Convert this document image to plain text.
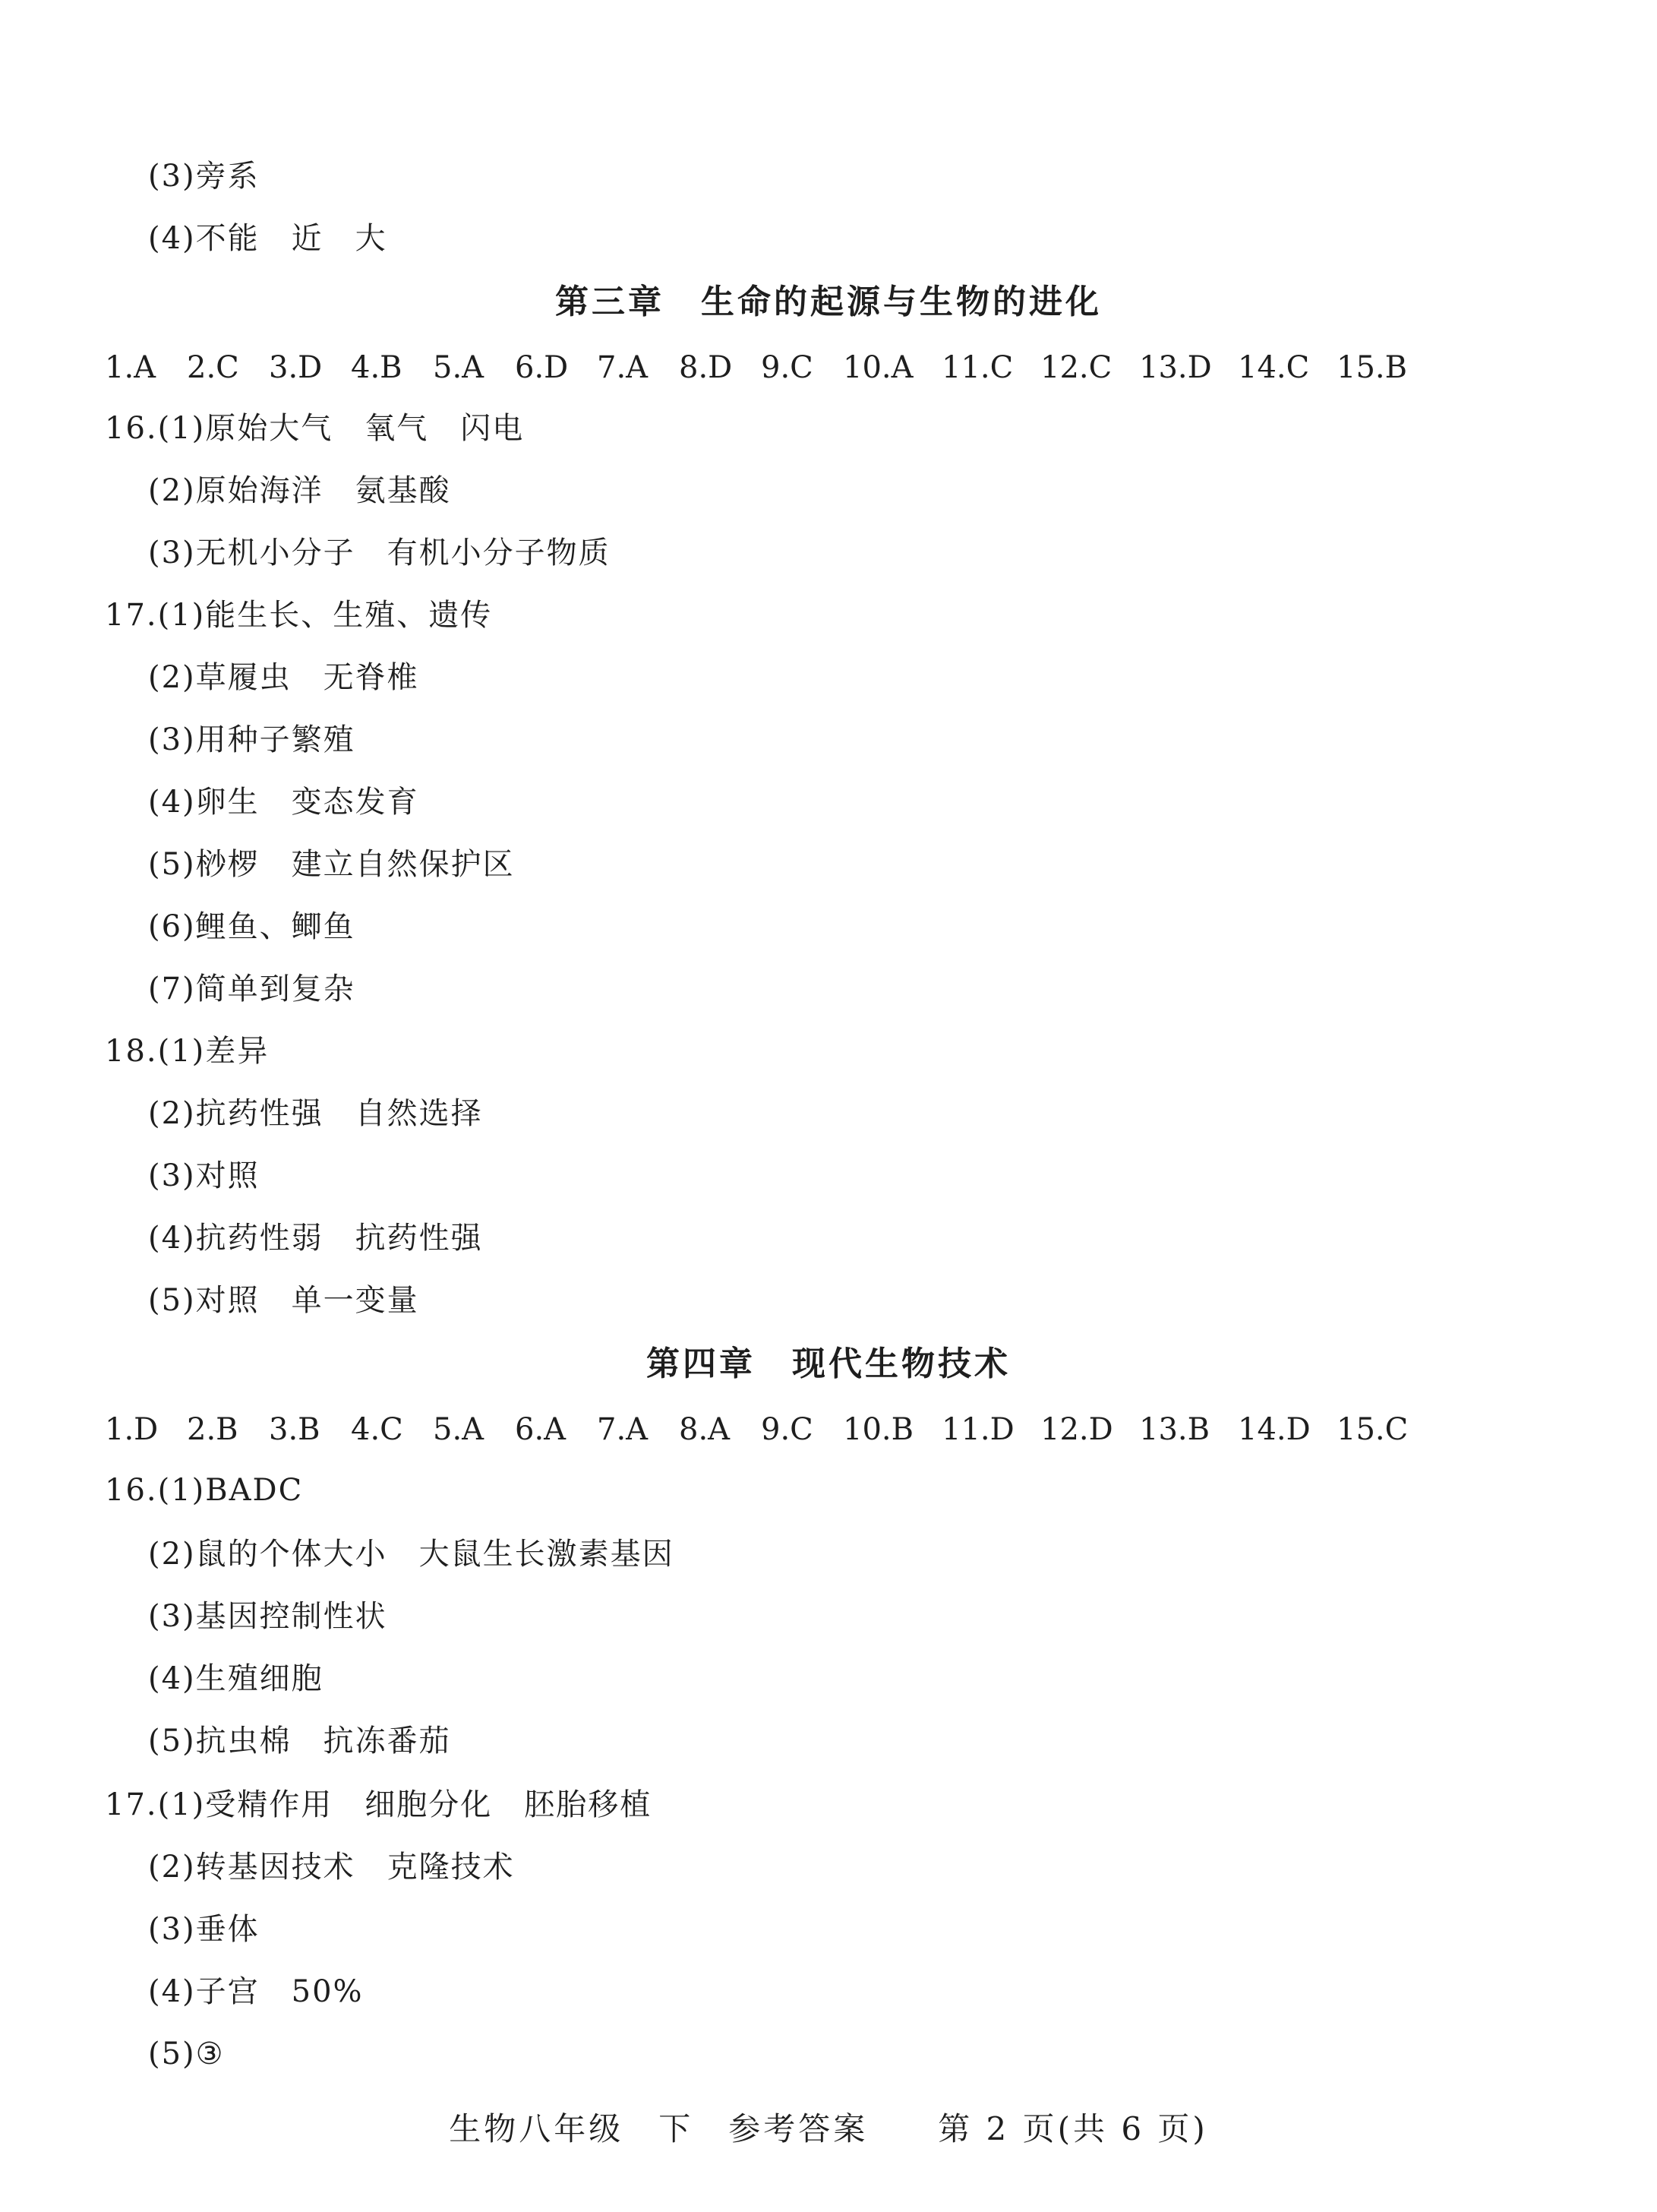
(3)旁系
(4)不能　近　大
第三章　生命的起源与生物的进化
1.A	2.C 3.D 4.B	5.A	6.D 7.A	8.D 9.C 10.A 11.C 12.C 13.D 14.C 15.B
16.(1)原始大气　氧气　闪电
(2)原始海洋　氨基酸
(3)无机小分子　有机小分子物质
17.(1)能生长、生殖、遗传
(2)草履虫　无脊椎
(3)用种子繁殖
(4)卵生　变态发育
(5)桫椤　建立自然保护区
(6)鲤鱼、鲫鱼
(7)简单到复杂
18.(1)差异
(2)抗药性强　自然选择
(3)对照
(4)抗药性弱　抗药性强
(5)对照　单一变量
第四章　现代生物技术
1.D 2.B	3.B	4.C 5.A	6.A	7.A	8.A	9.C 10.B 11.D 12.D 13.B 14.D 15.C
16.(1)BADC
(2)鼠的个体大小　大鼠生长激素基因
(3)基因控制性状
(4)生殖细胞
(5)抗虫棉　抗冻番茄
17.(1)受精作用　细胞分化　胚胎移植
(2)转基因技术　克隆技术
(3)垂体
(4)子宫　50%
(5)③
生物八年级　下　参考答案　　第 2 页(共 6 页)
